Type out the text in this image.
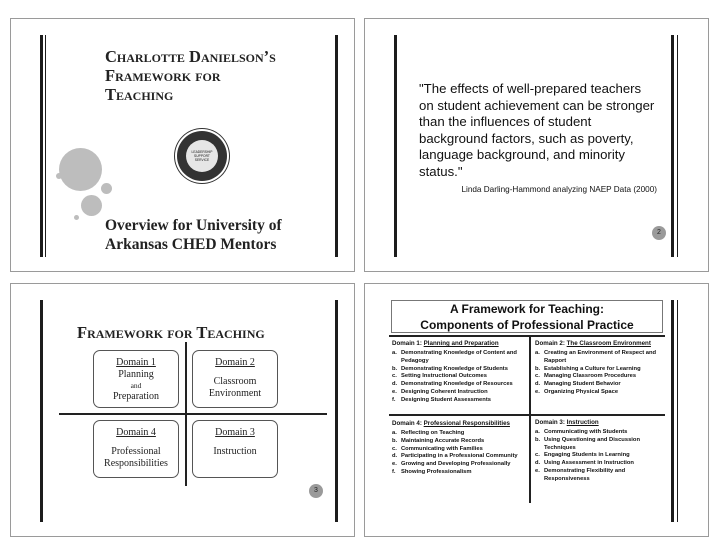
Charlotte Danielson’s
Framework for
Teaching
LEADERSHIP
SUPPORT
SERVICE
Overview for University of
Arkansas CHED Mentors
"The effects of well-prepared teachers on student achievement can be stronger than the influences of student background factors, such as poverty, language background, and minority status."
Linda Darling-Hammond analyzing NAEP Data (2000)
2
Framework for Teaching
Domain 1
Planning
and
Preparation
Domain 2
Classroom
Environment
Domain 4
Professional
Responsibilities
Domain 3
Instruction
3
A Framework for Teaching:
Components of Professional Practice
Domain 1: Planning and Preparation
a. Demonstrating Knowledge of Content and Pedagogy
b. Demonstrating Knowledge of Students
c. Setting Instructional Outcomes
d. Demonstrating Knowledge of Resources
e. Designing Coherent Instruction
f. Designing Student Assessments
Domain 2: The Classroom Environment
a. Creating an Environment of Respect and Rapport
b. Establishing a Culture for Learning
c. Managing Classroom Procedures
d. Managing Student Behavior
e. Organizing Physical Space
Domain 4: Professional Responsibilities
a. Reflecting on Teaching
b. Maintaining Accurate Records
c. Communicating with Families
d. Participating in a Professional Community
e. Growing and Developing Professionally
f. Showing Professionalism
Domain 3: Instruction
a. Communicating with Students
b. Using Questioning and Discussion Techniques
c. Engaging Students in Learning
d. Using Assessment in Instruction
e. Demonstrating Flexibility and Responsiveness
